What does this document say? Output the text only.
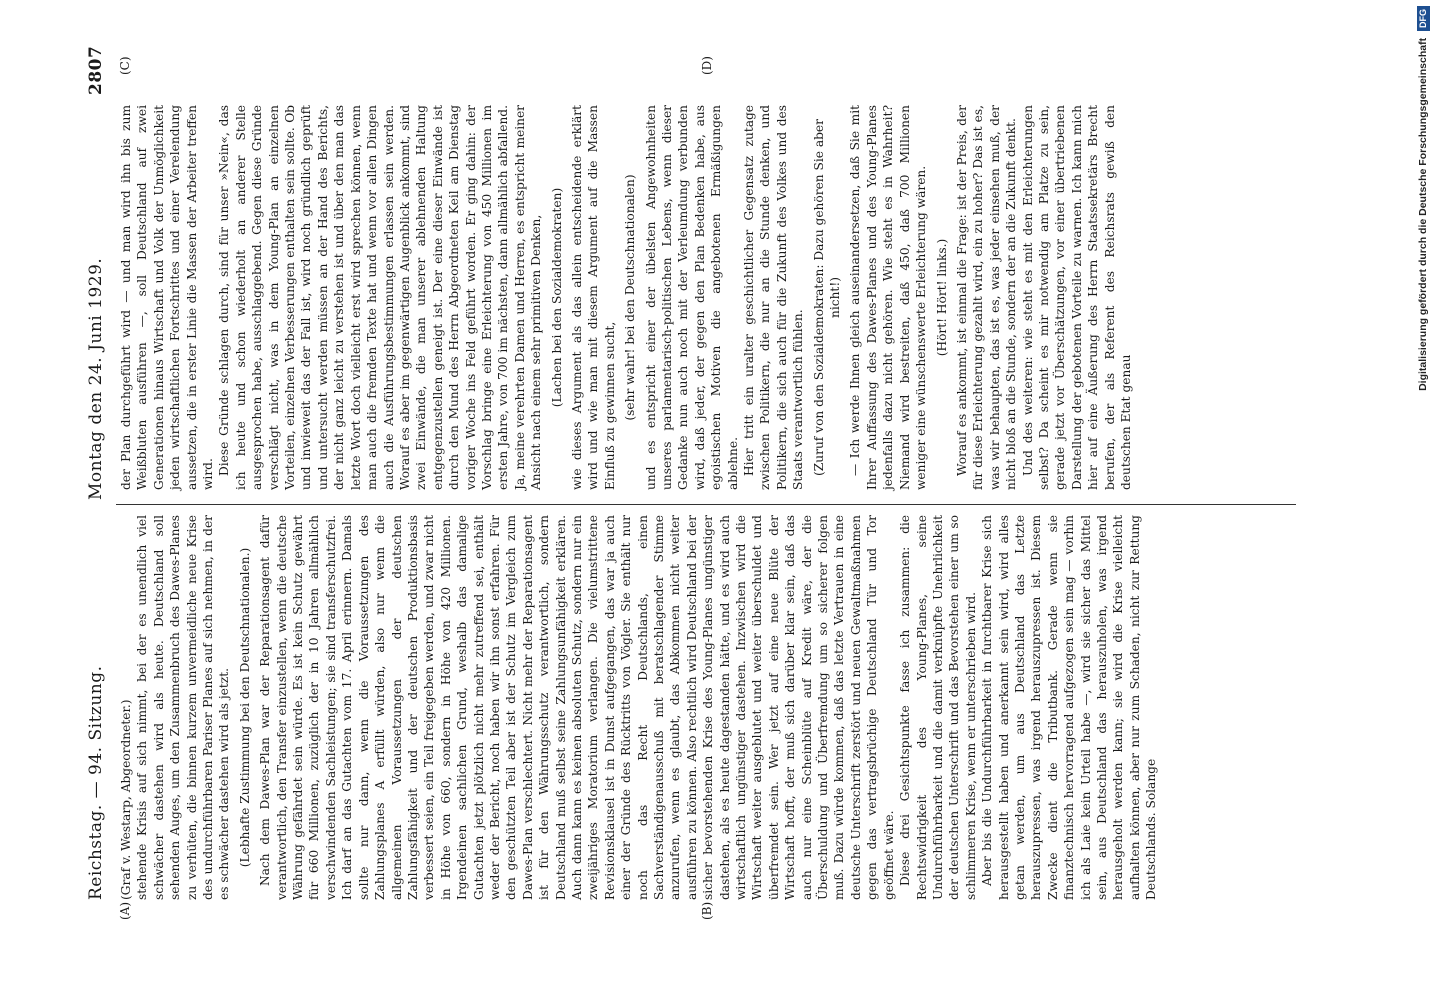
Reichstag. — 94. Sitzung.
Montag den 24. Juni 1929.
2807
(A)	(B)
(C)	(D)

(Graf v. Westarp, Abgeordneter.) stehende Krisis auf sich nimmt, bei der es unendlich viel schwächer dastehen wird als heute. Deutschland soll sehenden Auges, um den Zusammenbruch des Dawes-Planes zu verhüten, die binnen kurzem unvermeidliche neue Krise des undurchführbaren Pariser Planes auf sich nehmen, in der es schwächer dastehen wird als jetzt. (Lebhafte Zustimmung bei den Deutschnationalen.) Nach dem Dawes-Plan war der Reparationsagent dafür verantwortlich, den Transfer einzustellen, wenn die deutsche Währung gefährdet sein würde. Es ist kein Schutz gewährt für 660 Millionen, zuzüglich der in 10 Jahren allmählich verschwindenden Sachleistungen; sie sind transferschutzfrei. Ich darf an das Gutachten vom 17. April erinnern. Damals sollte nur dann, wenn die Voraussetzungen des Zahlungsplanes A erfüllt würden, also nur wenn die allgemeinen Voraussetzungen der deutschen Zahlungsfähigkeit und der deutschen Produktionsbasis verbessert seien, ein Teil freigegeben werden, und zwar nicht in Höhe von 660, sondern in Höhe von 420 Millionen. Irgendeinen sachlichen Grund, weshalb das damalige Gutachten jetzt plötzlich nicht mehr zutreffend sei, enthält weder der Bericht, noch haben wir ihn sonst erfahren. Für den geschützten Teil aber ist der Schutz im Vergleich zum Dawes-Plan verschlechtert. Nicht mehr der Reparationsagent ist für den Währungsschutz verantwortlich, sondern Deutschland muß selbst seine Zahlungsunfähigkeit erklären. Auch dann kann es keinen absoluten Schutz, sondern nur ein zweijähriges Moratorium verlangen. Die vielumstrittene Revisionsklausel ist in Dunst aufgegangen, das war ja auch einer der Gründe des Rücktritts von Vögler. Sie enthält nur noch das Recht Deutschlands, einen Sachverständigenausschuß mit beratschlagender Stimme anzurufen, wenn es glaubt, das Abkommen nicht weiter ausführen zu können. Also rechtlich wird Deutschland bei der sicher bevorstehenden Krise des Young-Planes ungünstiger dastehen, als es heute dagestanden hätte, und es wird auch wirtschaftlich ungünstiger dastehen. Inzwischen wird die Wirtschaft weiter ausgeblutet und weiter überschuldet und überfremdet sein. Wer jetzt auf eine neue Blüte der Wirtschaft hofft, der muß sich darüber klar sein, daß das auch nur eine Scheinblüte auf Kredit wäre, der die Überschuldung und Überfremdung um so sicherer folgen muß. Dazu würde kommen, daß das letzte Vertrauen in eine deutsche Unterschrift zerstört und neuen Gewaltmaßnahmen gegen das vertragsbrüchige Deutschland Tür und Tor geöffnet wäre. Diese drei Gesichtspunkte fasse ich zusammen: die Rechtswidrigkeit des Young-Planes, seine Undurchführbarkeit und die damit verknüpfte Unehrlichkeit der deutschen Unterschrift und das Bevorstehen einer um so schlimmeren Krise, wenn er unterschrieben wird. Aber bis die Undurchführbarkeit in furchtbarer Krise sich herausgestellt haben und anerkannt sein wird, wird alles getan werden, um aus Deutschland das Letzte herauszupressen, was irgend herauszupressen ist. Diesem Zwecke dient die Tributbank. Gerade wenn sie finanztechnisch hervorragend aufgezogen sein mag — vorhin ich als Laie kein Urteil habe —, wird sie sicher das Mittel sein, aus Deutschland das herauszuholen, was irgend herausgeholt werden kann; sie wird die Krise vielleicht aufhalten können, aber nur zum Schaden, nicht zur Rettung Deutschlands. Solange

der Plan durchgeführt wird — und man wird ihn bis zum Weißbluten ausführen —, soll Deutschland auf zwei Generationen hinaus Wirtschaft und Volk der Unmöglichkeit jeden wirtschaftlichen Fortschrittes und einer Verelendung aussetzen, die in erster Linie die Massen der Arbeiter treffen wird. Diese Gründe schlagen durch, sind für unser »Nein«, das ich heute und schon wiederholt an anderer Stelle ausgesprochen habe, ausschlaggebend. Gegen diese Gründe verschlägt nicht, was in dem Young-Plan an einzelnen Vorteilen, einzelnen Verbesserungen enthalten sein sollte. Ob und inwieweit das der Fall ist, wird noch gründlich geprüft und untersucht werden müssen an der Hand des Berichts, der nicht ganz leicht zu verstehen ist und über den man das letzte Wort doch vielleicht erst wird sprechen können, wenn man auch die fremden Texte hat und wenn vor allen Dingen auch die Ausführungsbestimmungen erlassen sein werden. Worauf es aber im gegenwärtigen Augenblick ankommt, sind zwei Einwände, die man unserer ablehnenden Haltung entgegenzustellen geneigt ist. Der eine dieser Einwände ist durch den Mund des Herrn Abgeordneten Keil am Dienstag voriger Woche ins Feld geführt worden. Er ging dahin: der Vorschlag bringe eine Erleichterung von 450 Millionen im ersten Jahre, von 700 im nächsten, dann allmählich abfallend. Ja, meine verehrten Damen und Herren, es entspricht meiner Ansicht nach einem sehr primitiven Denken, (Lachen bei den Sozialdemokraten) wie dieses Argument als das allein entscheidende erklärt wird und wie man mit diesem Argument auf die Massen Einfluß zu gewinnen sucht, (sehr wahr! bei den Deutschnationalen) und es entspricht einer der übelsten Angewohnheiten unseres parlamentarisch-politischen Lebens, wenn dieser Gedanke nun auch noch mit der Verleumdung verbunden wird, daß jeder, der gegen den Plan Bedenken habe, aus egoistischen Motiven die angebotenen Ermäßigungen ablehne. Hier tritt ein uralter geschichtlicher Gegensatz zutage zwischen Politikern, die nur an die Stunde denken, und Politikern, die sich auch für die Zukunft des Volkes und des Staats verantwortlich fühlen. (Zuruf von den Sozialdemokraten: Dazu gehören Sie aber nicht!) — Ich werde Ihnen gleich auseinandersetzen, daß Sie mit Ihrer Auffassung des Dawes-Planes und des Young-Planes jedenfalls dazu nicht gehören. Wie steht es in Wahrheit? Niemand wird bestreiten, daß 450, daß 700 Millionen weniger eine wünschenswerte Erleichterung wären. (Hört! Hört! links.) Worauf es ankommt, ist einmal die Frage: ist der Preis, der für diese Erleichterung gezahlt wird, ein zu hoher? Das ist es, was wir behaupten, das ist es, was jeder einsehen muß, der nicht bloß an die Stunde, sondern der an die Zukunft denkt. Und des weiteren: wie steht es mit den Erleichterungen selbst? Da scheint es mir notwendig am Platze zu sein, gerade jetzt vor Überschätzungen, vor einer übertriebenen Darstellung der gebotenen Vorteile zu warnen. Ich kann mich hier auf eine Äußerung des Herrn Staatssekretärs Brecht berufen, der als Referent des Reichsrats gewiß den deutschen Etat genau

Digitalisierung gefördert durch die Deutsche Forschungsgemeinschaft DFG
